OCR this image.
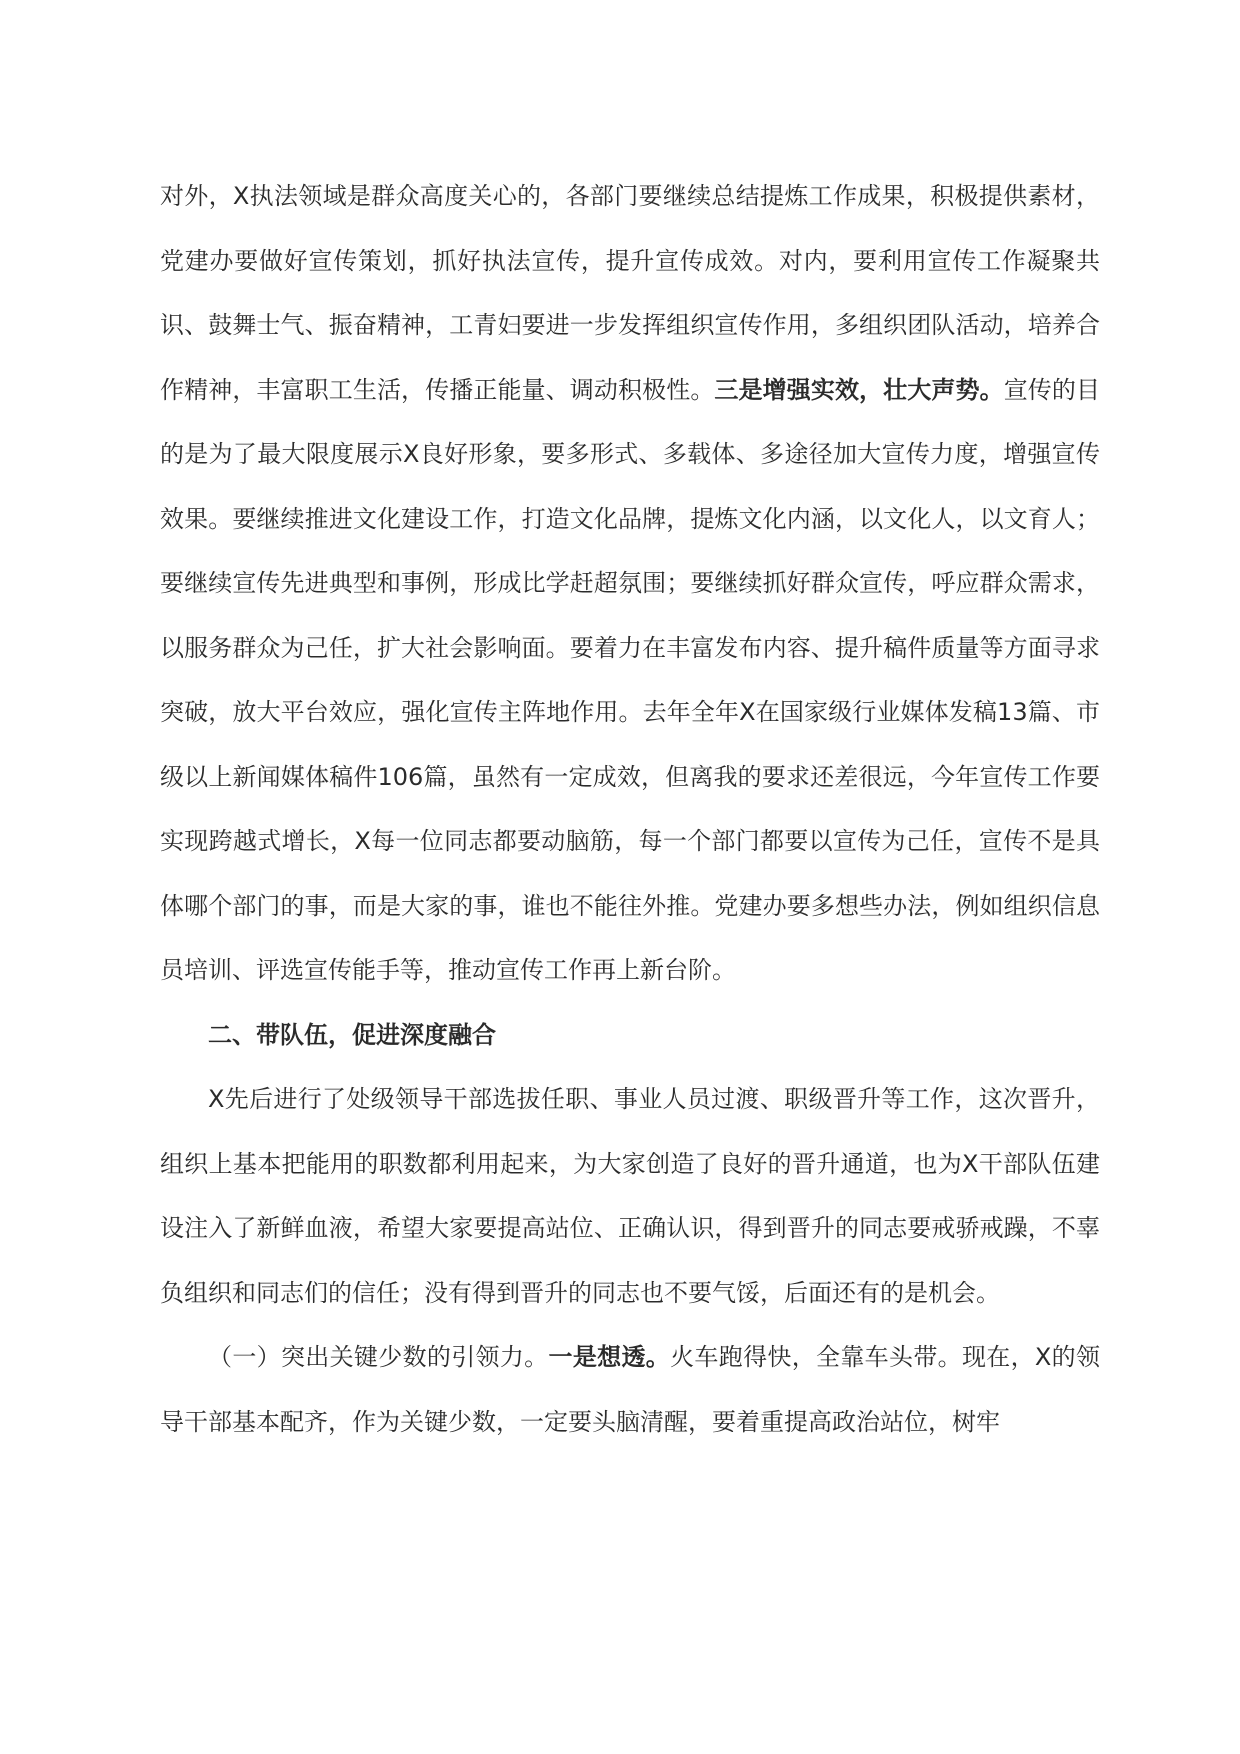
对外，X执法领域是群众高度关心的，各部门要继续总结提炼工作成果，积极提供素材，党建办要做好宣传策划，抓好执法宣传，提升宣传成效。对内，要利用宣传工作凝聚共识、鼓舞士气、振奋精神，工青妇要进一步发挥组织宣传作用，多组织团队活动，培养合作精神，丰富职工生活，传播正能量、调动积极性。三是增强实效，壮大声势。宣传的目的是为了最大限度展示X良好形象，要多形式、多载体、多途径加大宣传力度，增强宣传效果。要继续推进文化建设工作，打造文化品牌，提炼文化内涵，以文化人，以文育人；要继续宣传先进典型和事例，形成比学赶超氛围；要继续抓好群众宣传，呼应群众需求，以服务群众为己任，扩大社会影响面。要着力在丰富发布内容、提升稿件质量等方面寻求突破，放大平台效应，强化宣传主阵地作用。去年全年X在国家级行业媒体发稿13篇、市级以上新闻媒体稿件106篇，虽然有一定成效，但离我的要求还差很远，今年宣传工作要实现跨越式增长，X每一位同志都要动脑筋，每一个部门都要以宣传为己任，宣传不是具体哪个部门的事，而是大家的事，谁也不能往外推。党建办要多想些办法，例如组织信息员培训、评选宣传能手等，推动宣传工作再上新台阶。

二、带队伍，促进深度融合

X先后进行了处级领导干部选拔任职、事业人员过渡、职级晋升等工作，这次晋升，组织上基本把能用的职数都利用起来，为大家创造了良好的晋升通道，也为X干部队伍建设注入了新鲜血液，希望大家要提高站位、正确认识，得到晋升的同志要戒骄戒躁，不辜负组织和同志们的信任；没有得到晋升的同志也不要气馁，后面还有的是机会。

（一）突出关键少数的引领力。一是想透。火车跑得快，全靠车头带。现在，X的领导干部基本配齐，作为关键少数，一定要头脑清醒，要着重提高政治站位，树牢
